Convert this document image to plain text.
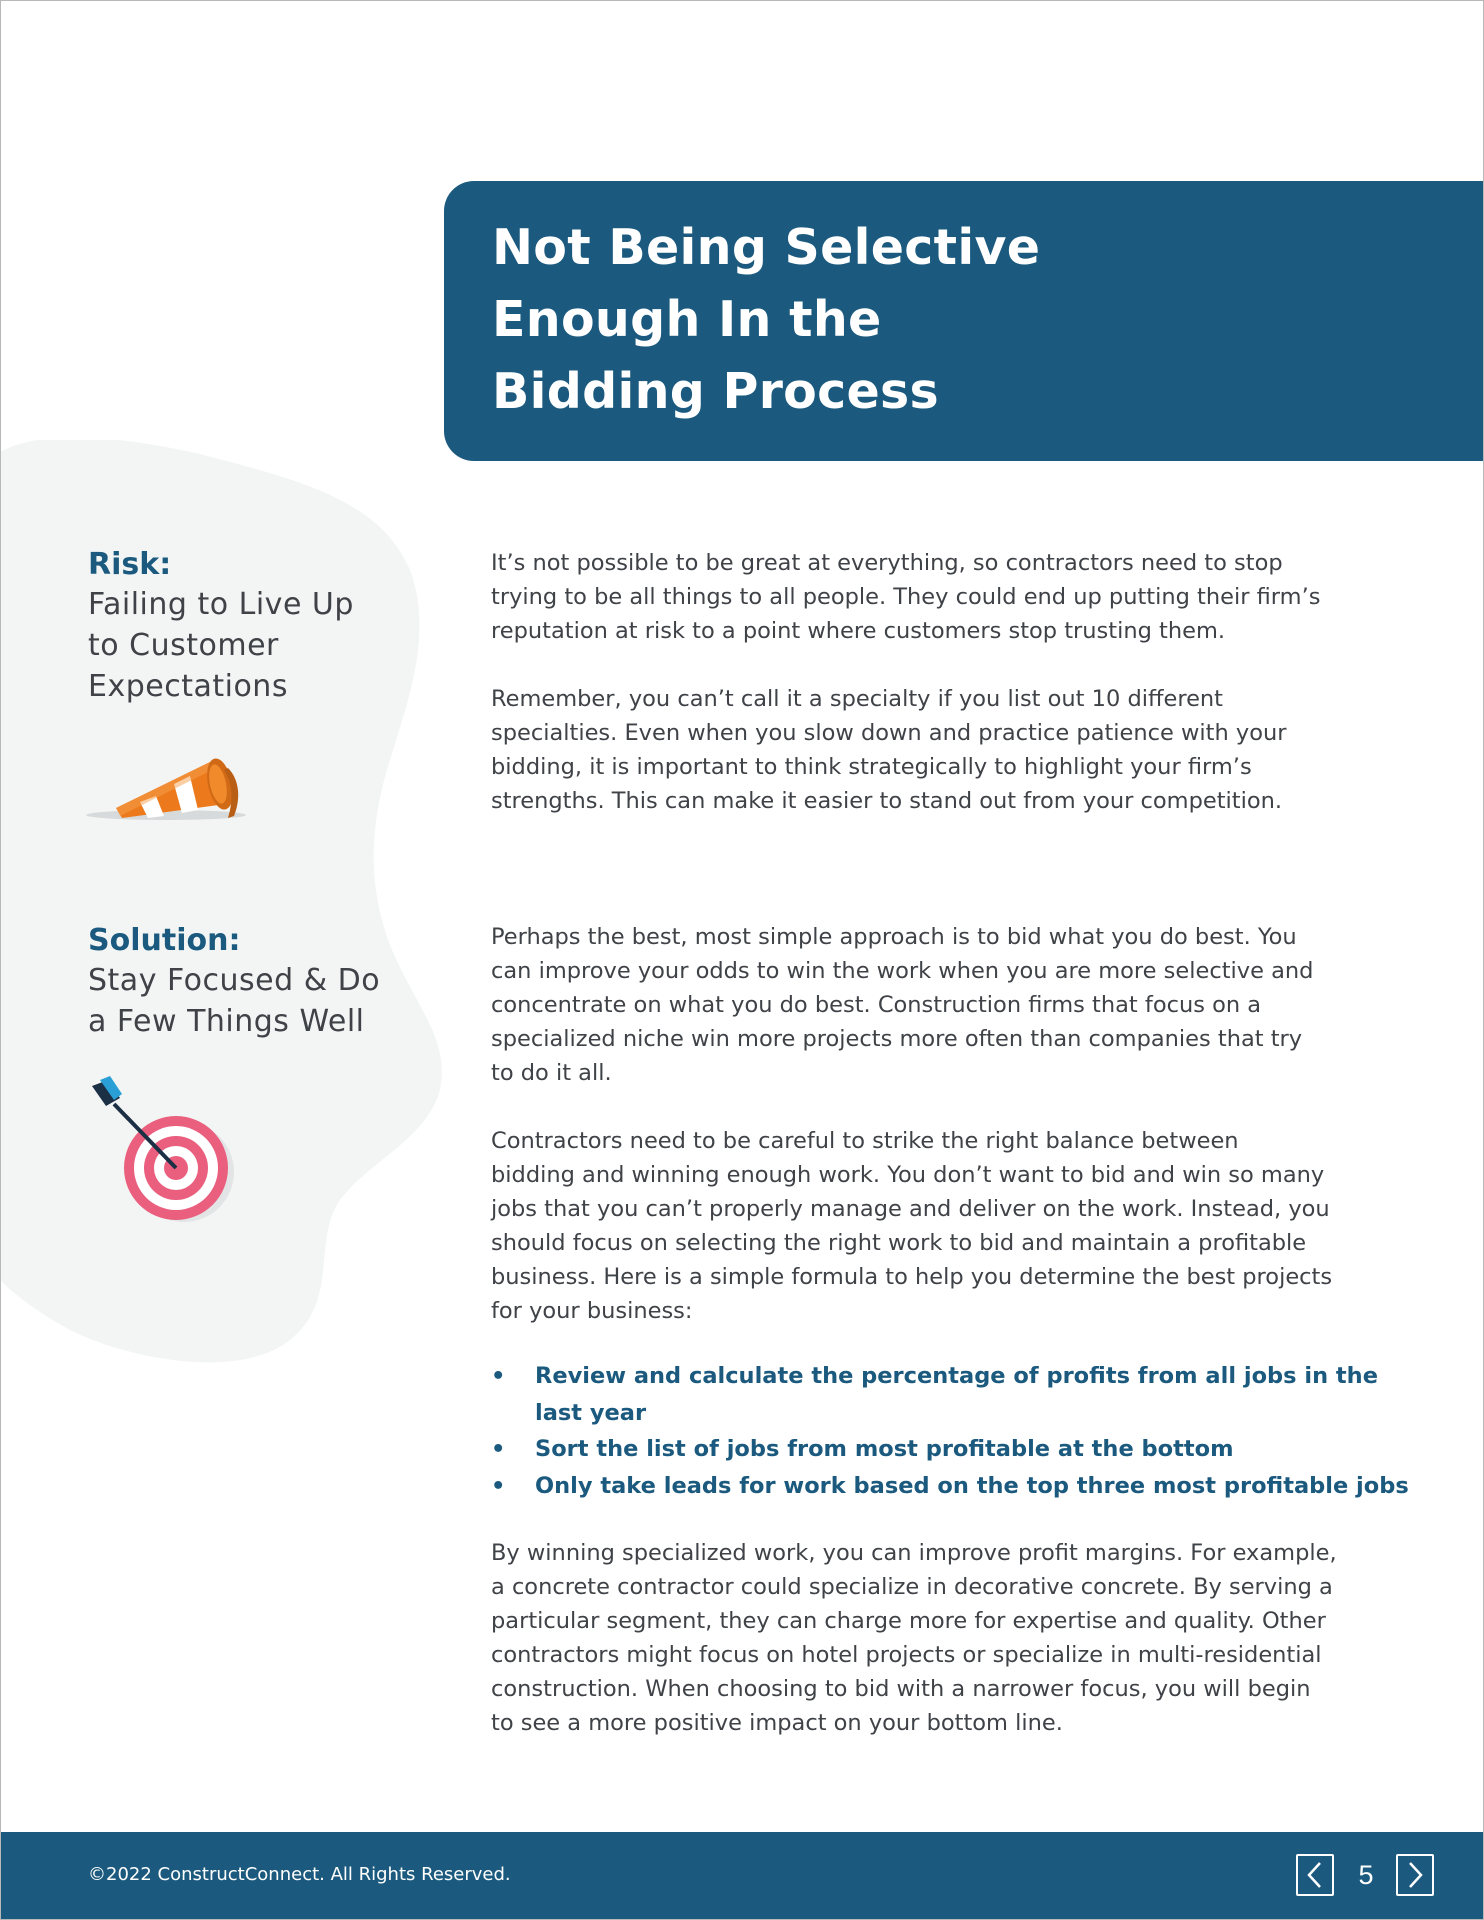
Not Being Selective
Enough In the
Bidding Process
Risk:
Failing to Live Up
to Customer
Expectations
Solution:
Stay Focused & Do
a Few Things Well

It’s not possible to be great at everything, so contractors need to stop
trying to be all things to all people. They could end up putting their firm’s
reputation at risk to a point where customers stop trusting them.

Remember, you can’t call it a specialty if you list out 10 different
specialties. Even when you slow down and practice patience with your
bidding, it is important to think strategically to highlight your firm’s
strengths. This can make it easier to stand out from your competition.

Perhaps the best, most simple approach is to bid what you do best. You
can improve your odds to win the work when you are more selective and
concentrate on what you do best. Construction firms that focus on a
specialized niche win more projects more often than companies that try
to do it all.

Contractors need to be careful to strike the right balance between
bidding and winning enough work. You don’t want to bid and win so many
jobs that you can’t properly manage and deliver on the work. Instead, you
should focus on selecting the right work to bid and maintain a profitable
business. Here is a simple formula to help you determine the best projects
for your business:

• Review and calculate the percentage of profits from all jobs in the
last year
• Sort the list of jobs from most profitable at the bottom
• Only take leads for work based on the top three most profitable jobs

By winning specialized work, you can improve profit margins. For example,
a concrete contractor could specialize in decorative concrete. By serving a
particular segment, they can charge more for expertise and quality. Other
contractors might focus on hotel projects or specialize in multi-residential
construction. When choosing to bid with a narrower focus, you will begin
to see a more positive impact on your bottom line.

©2022 ConstructConnect. All Rights Reserved.	5
